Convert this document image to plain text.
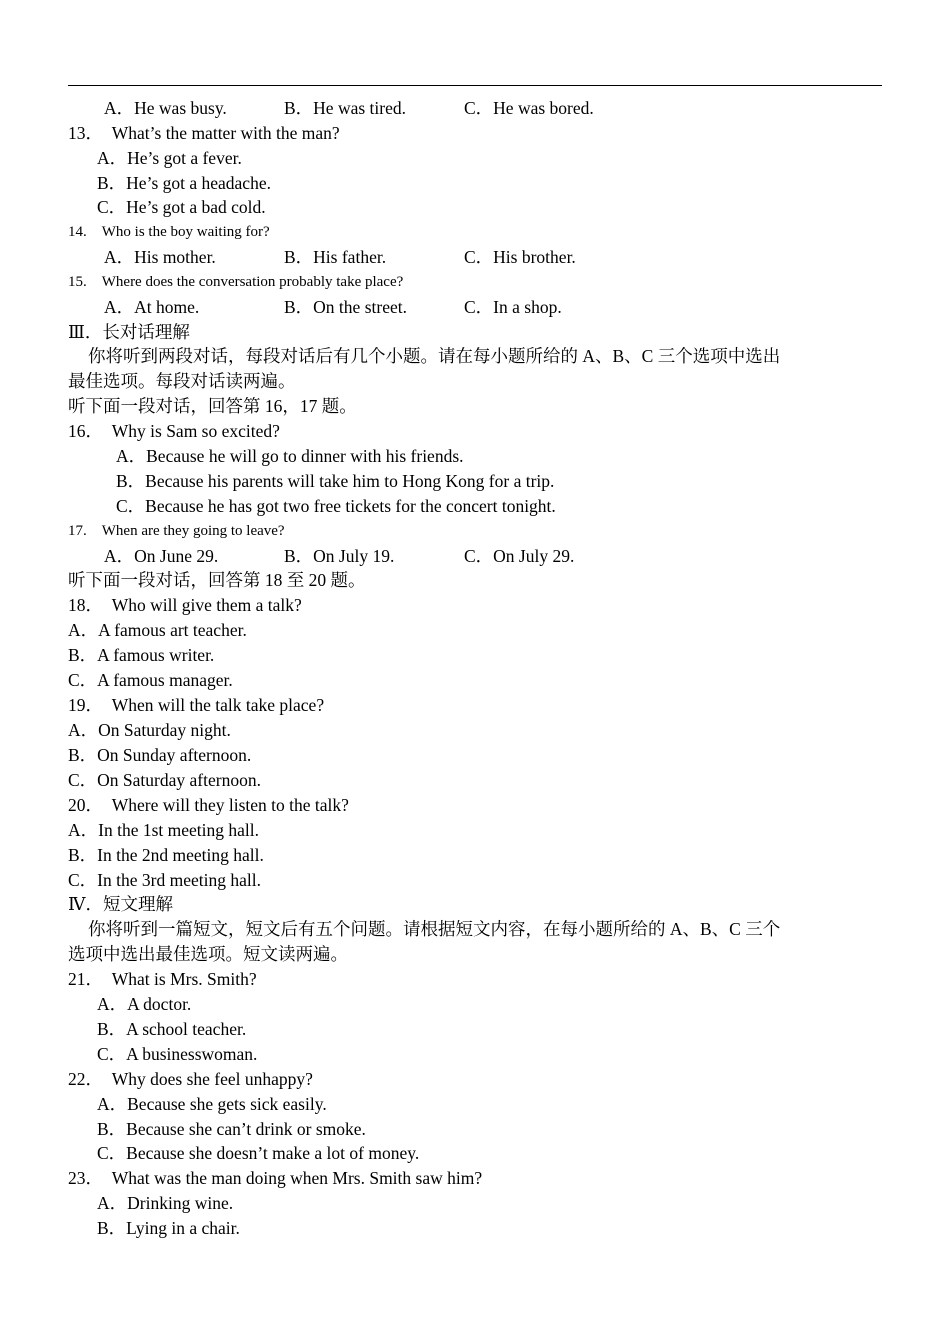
A．He was busy.	B．He was tired.	C．He was bored.
13．　What’s the matter with the man?
A．He’s got a fever.
B．He’s got a headache.
C．He’s got a bad cold.
14.　Who is the boy waiting for?
A．His mother.	B．His father.	C．His brother.
15.　Where does the conversation probably take place?
A．At home.	B．On the street.	C．In a shop.
Ⅲ．长对话理解
你将听到两段对话，每段对话后有几个小题。请在每小题所给的 A、B、C 三个选项中选出
最佳选项。每段对话读两遍。
听下面一段对话，回答第 16，17 题。
16．　Why is Sam so excited?
A．Because he will go to dinner with his friends.
B．Because his parents will take him to Hong Kong for a trip.
C．Because he has got two free tickets for the concert tonight.
17.　When are they going to leave?
A．On June 29.	B．On July 19.	C．On July 29.
听下面一段对话，回答第 18 至 20 题。
18．　Who will give them a talk?
A．A famous art teacher.
B．A famous writer.
C．A famous manager.
19．　When will the talk take place?
A．On Saturday night.
B．On Sunday afternoon.
C．On Saturday afternoon.
20．　Where will they listen to the talk?
A．In the 1st meeting hall.
B．In the 2nd meeting hall.
C．In the 3rd meeting hall.
Ⅳ．短文理解
你将听到一篇短文，短文后有五个问题。请根据短文内容，在每小题所给的 A、B、C 三个
选项中选出最佳选项。短文读两遍。
21．　What is Mrs. Smith?
A．A doctor.
B．A school teacher.
C．A businesswoman.
22．　Why does she feel unhappy?
A．Because she gets sick easily.
B．Because she can’t drink or smoke.
C．Because she doesn’t make a lot of money.
23．　What was the man doing when Mrs. Smith saw him?
A．Drinking wine.
B．Lying in a chair.
